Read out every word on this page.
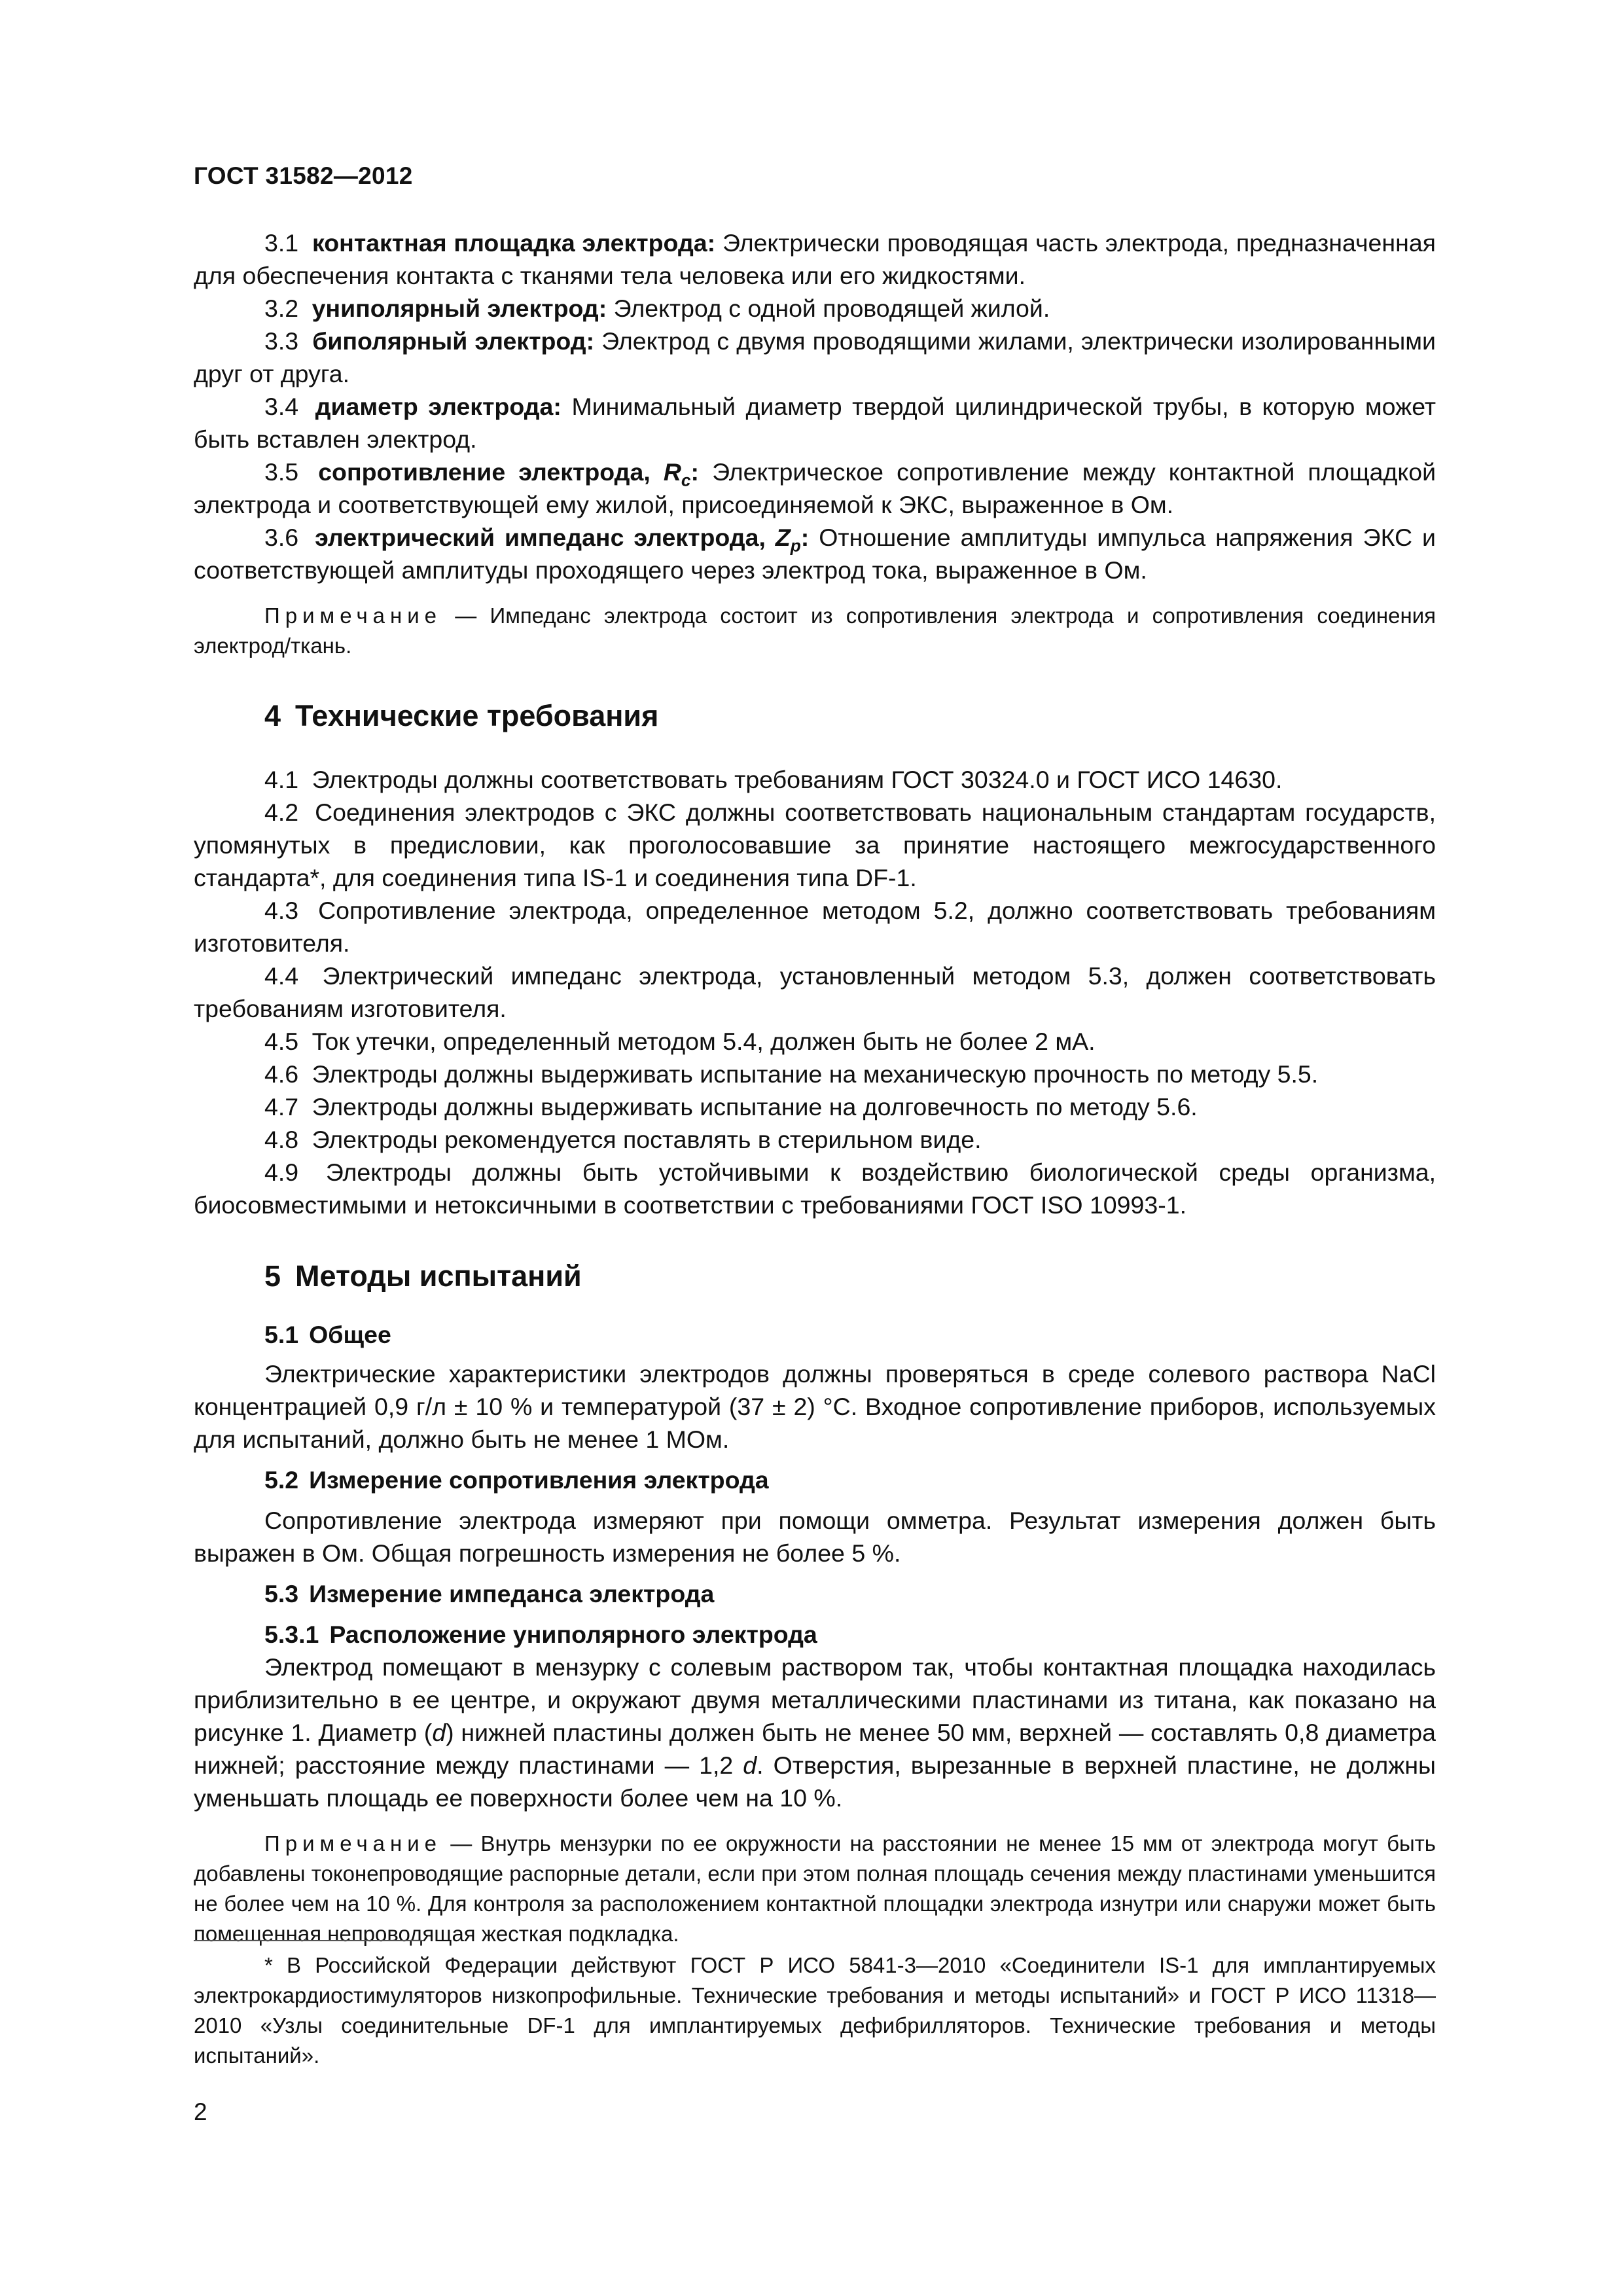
ГОСТ 31582—2012

3.1 контактная площадка электрода: Электрически проводящая часть электрода, предназначенная для обеспечения контакта с тканями тела человека или его жидкостями.

3.2 униполярный электрод: Электрод с одной проводящей жилой.

3.3 биполярный электрод: Электрод с двумя проводящими жилами, электрически изолированными друг от друга.

3.4 диаметр электрода: Минимальный диаметр твердой цилиндрической трубы, в которую может быть вставлен электрод.

3.5 сопротивление электрода, $R_c$: Электрическое сопротивление между контактной площадкой электрода и соответствующей ему жилой, присоединяемой к ЭКС, выраженное в Ом.

3.6 электрический импеданс электрода, $Z_p$: Отношение амплитуды импульса напряжения ЭКС и соответствующей амплитуды проходящего через электрод тока, выраженное в Ом.

Примечание — Импеданс электрода состоит из сопротивления электрода и сопротивления соединения электрод/ткань.

4 Технические требования

4.1 Электроды должны соответствовать требованиям ГОСТ 30324.0 и ГОСТ ИСО 14630.

4.2 Соединения электродов с ЭКС должны соответствовать национальным стандартам государств, упомянутых в предисловии, как проголосовавшие за принятие настоящего межгосударственного стандарта*, для соединения типа IS-1 и соединения типа DF-1.

4.3 Сопротивление электрода, определенное методом 5.2, должно соответствовать требованиям изготовителя.

4.4 Электрический импеданс электрода, установленный методом 5.3, должен соответствовать требованиям изготовителя.

4.5 Ток утечки, определенный методом 5.4, должен быть не более 2 мА.

4.6 Электроды должны выдерживать испытание на механическую прочность по методу 5.5.

4.7 Электроды должны выдерживать испытание на долговечность по методу 5.6.

4.8 Электроды рекомендуется поставлять в стерильном виде.

4.9 Электроды должны быть устойчивыми к воздействию биологической среды организма, биосовместимыми и нетоксичными в соответствии с требованиями ГОСТ ISO 10993-1.

5 Методы испытаний
5.1 Общее

Электрические характеристики электродов должны проверяться в среде солевого раствора NaCl концентрацией 0,9 г/л ± 10 % и температурой (37 ± 2) °С. Входное сопротивление приборов, используемых для испытаний, должно быть не менее 1 МОм.

5.2 Измерение сопротивления электрода

Сопротивление электрода измеряют при помощи омметра. Результат измерения должен быть выражен в Ом. Общая погрешность измерения не более 5 %.

5.3 Измерение импеданса электрода
5.3.1 Расположение униполярного электрода

Электрод помещают в мензурку с солевым раствором так, чтобы контактная площадка находилась приблизительно в ее центре, и окружают двумя металлическими пластинами из титана, как показано на рисунке 1. Диаметр (d) нижней пластины должен быть не менее 50 мм, верхней — составлять 0,8 диаметра нижней; расстояние между пластинами — 1,2 d. Отверстия, вырезанные в верхней пластине, не должны уменьшать площадь ее поверхности более чем на 10 %.

Примечание — Внутрь мензурки по ее окружности на расстоянии не менее 15 мм от электрода могут быть добавлены токонепроводящие распорные детали, если при этом полная площадь сечения между пластинами уменьшится не более чем на 10 %. Для контроля за расположением контактной площадки электрода изнутри или снаружи может быть помещенная непроводящая жесткая подкладка.

* В Российской Федерации действуют ГОСТ Р ИСО 5841-3—2010 «Соединители IS-1 для имплантируемых электрокардиостимуляторов низкопрофильные. Технические требования и методы испытаний» и ГОСТ Р ИСО 11318—2010 «Узлы соединительные DF-1 для имплантируемых дефибрилляторов. Технические требования и методы испытаний».

2
